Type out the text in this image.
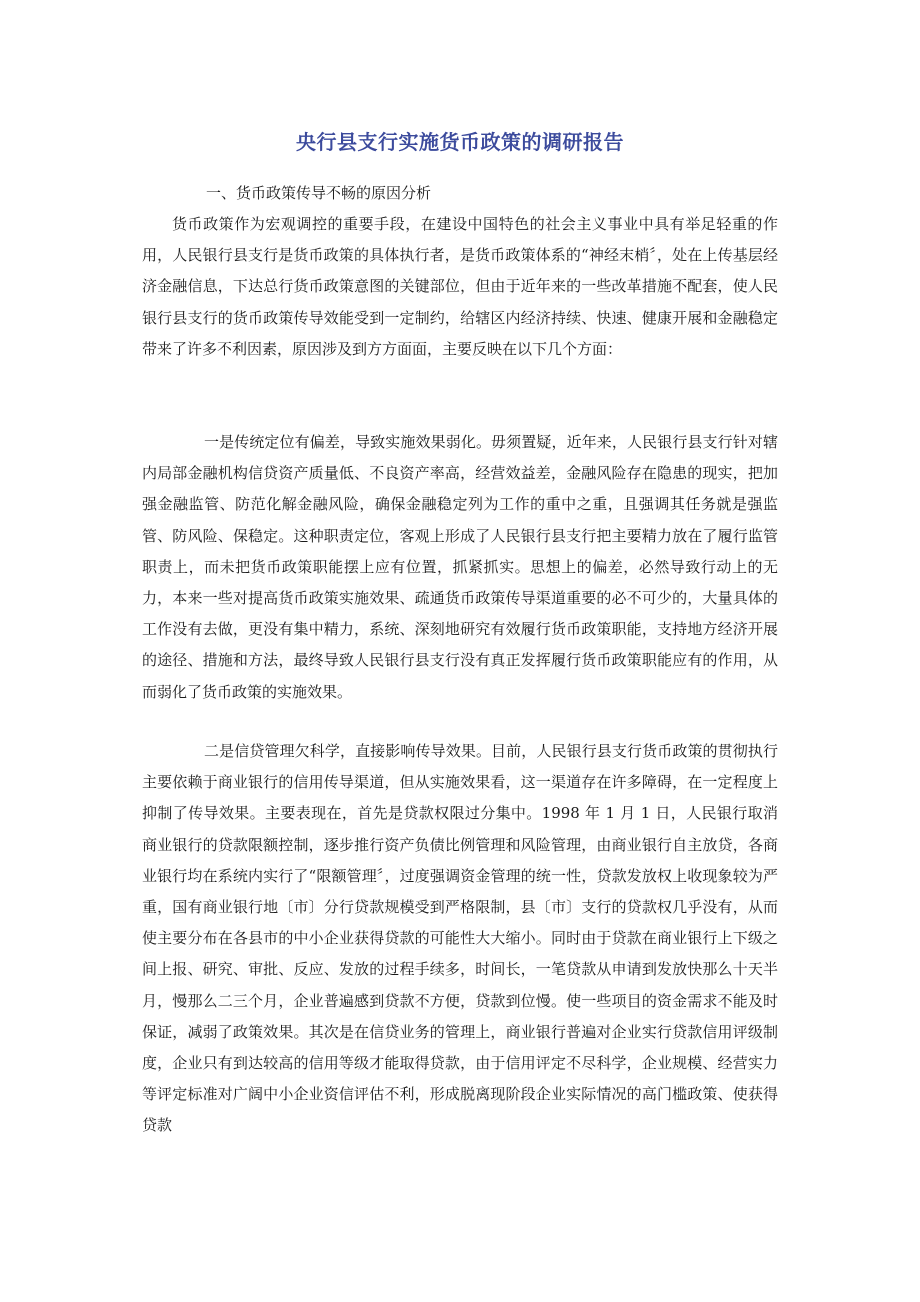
央行县支行实施货币政策的调研报告
一、货币政策传导不畅的原因分析

货币政策作为宏观调控的重要手段，在建设中国特色的社会主义事业中具有举足轻重的作用，人民银行县支行是货币政策的具体执行者，是货币政策体系的“神经末梢〞，处在上传基层经济金融信息，下达总行货币政策意图的关键部位，但由于近年来的一些改革措施不配套，使人民银行县支行的货币政策传导效能受到一定制约，给辖区内经济持续、快速、健康开展和金融稳定带来了许多不利因素，原因涉及到方方面面，主要反映在以下几个方面：

一是传统定位有偏差，导致实施效果弱化。毋须置疑，近年来，人民银行县支行针对辖内局部金融机构信贷资产质量低、不良资产率高，经营效益差，金融风险存在隐患的现实，把加强金融监管、防范化解金融风险，确保金融稳定列为工作的重中之重，且强调其任务就是强监管、防风险、保稳定。这种职责定位，客观上形成了人民银行县支行把主要精力放在了履行监管职责上，而未把货币政策职能摆上应有位置，抓紧抓实。思想上的偏差，必然导致行动上的无力，本来一些对提高货币政策实施效果、疏通货币政策传导渠道重要的必不可少的，大量具体的工作没有去做，更没有集中精力，系统、深刻地研究有效履行货币政策职能，支持地方经济开展的途径、措施和方法，最终导致人民银行县支行没有真正发挥履行货币政策职能应有的作用，从而弱化了货币政策的实施效果。

二是信贷管理欠科学，直接影响传导效果。目前，人民银行县支行货币政策的贯彻执行主要依赖于商业银行的信用传导渠道，但从实施效果看，这一渠道存在许多障碍，在一定程度上抑制了传导效果。主要表现在，首先是贷款权限过分集中。1998 年 1 月 1 日，人民银行取消商业银行的贷款限额控制，逐步推行资产负债比例管理和风险管理，由商业银行自主放贷，各商业银行均在系统内实行了“限额管理〞，过度强调资金管理的统一性，贷款发放权上收现象较为严重，国有商业银行地〔市〕分行贷款规模受到严格限制，县〔市〕支行的贷款权几乎没有，从而使主要分布在各县市的中小企业获得贷款的可能性大大缩小。同时由于贷款在商业银行上下级之间上报、研究、审批、反应、发放的过程手续多，时间长，一笔贷款从申请到发放快那么十天半月，慢那么二三个月，企业普遍感到贷款不方便，贷款到位慢。使一些项目的资金需求不能及时保证，减弱了政策效果。其次是在信贷业务的管理上，商业银行普遍对企业实行贷款信用评级制度，企业只有到达较高的信用等级才能取得贷款，由于信用评定不尽科学，企业规模、经营实力等评定标准对广阔中小企业资信评估不利，形成脱离现阶段企业实际情况的高门槛政策、使获得贷款
